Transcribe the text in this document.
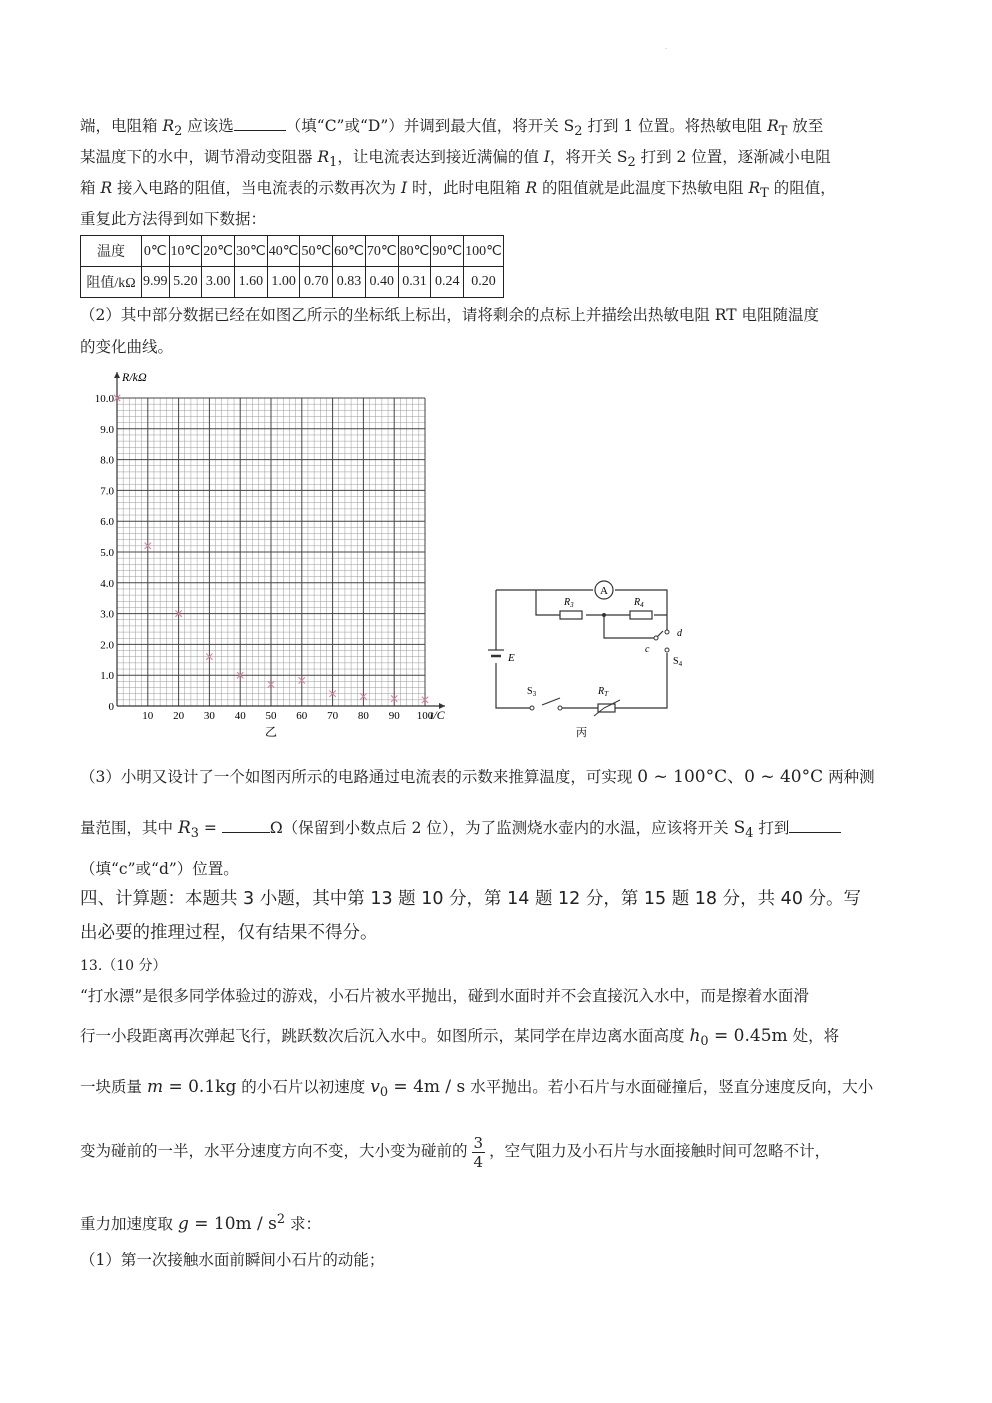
.
端，电阻箱 $R_2$ 应该选	（填“C”或“D”）并调到最大值，将开关 $S_2$ 打到 1 位置。将热敏电阻 $R_T$ 放至
某温度下的水中，调节滑动变阻器 $R_1$，让电流表达到接近满偏的值 I，将开关 $S_2$ 打到 2 位置，逐渐减小电阻
箱 R 接入电路的阻值，当电流表的示数再次为 I 时，此时电阻箱 R 的阻值就是此温度下热敏电阻 $R_T$ 的阻值，
重复此方法得到如下数据：
温度	0℃	10℃	20℃	30℃	40℃	50℃	60℃	70℃	80℃	90℃	100℃
阻值/kΩ	9.99	5.20	3.00	1.60	1.00	0.70	0.83	0.40	0.31	0.24	0.20
（2）其中部分数据已经在如图乙所示的坐标纸上标出，请将剩余的点标上并描绘出热敏电阻 RT 电阻随温度
的变化曲线。
10 20 30 40 50 60 70 80 90 100
0
1.0
2.0
3.0
4.0
5.0
6.0
7.0
8.0
9.0
10.0
R/kΩ
t/C
乙
A
$R_3$	$R_4$
E
c
d
$S_4$
$S_3$	$R_T$
丙
（3）小明又设计了一个如图丙所示的电路通过电流表的示数来推算温度，可实现 0 ~ 100°C、0 ~ 40°C 两种测
量范围，其中 $R_3$ =	Ω（保留到小数点后 2 位），为了监测烧水壶内的水温，应该将开关 $S_4$ 打到
（填“c”或“d”）位置。
四、计算题：本题共 3 小题，其中第 13 题 10 分，第 14 题 12 分，第 15 题 18 分，共 40 分。写
出必要的推理过程，仅有结果不得分。
13.（10 分）
“打水漂”是很多同学体验过的游戏，小石片被水平抛出，碰到水面时并不会直接沉入水中，而是擦着水面滑
行一小段距离再次弹起飞行，跳跃数次后沉入水中。如图所示，某同学在岸边离水面高度 $h_0 = 0.45m$ 处，将
一块质量 m = 0.1kg 的小石片以初速度 $v_0 = 4m / s$ 水平抛出。若小石片与水面碰撞后，竖直分速度反向，大小
变为碰前的一半，水平分速度方向不变，大小变为碰前的 $\frac{3}{4}$ ，空气阻力及小石片与水面接触时间可忽略不计，
重力加速度取 $g = 10m / s^2$ 求：
（1）第一次接触水面前瞬间小石片的动能；
